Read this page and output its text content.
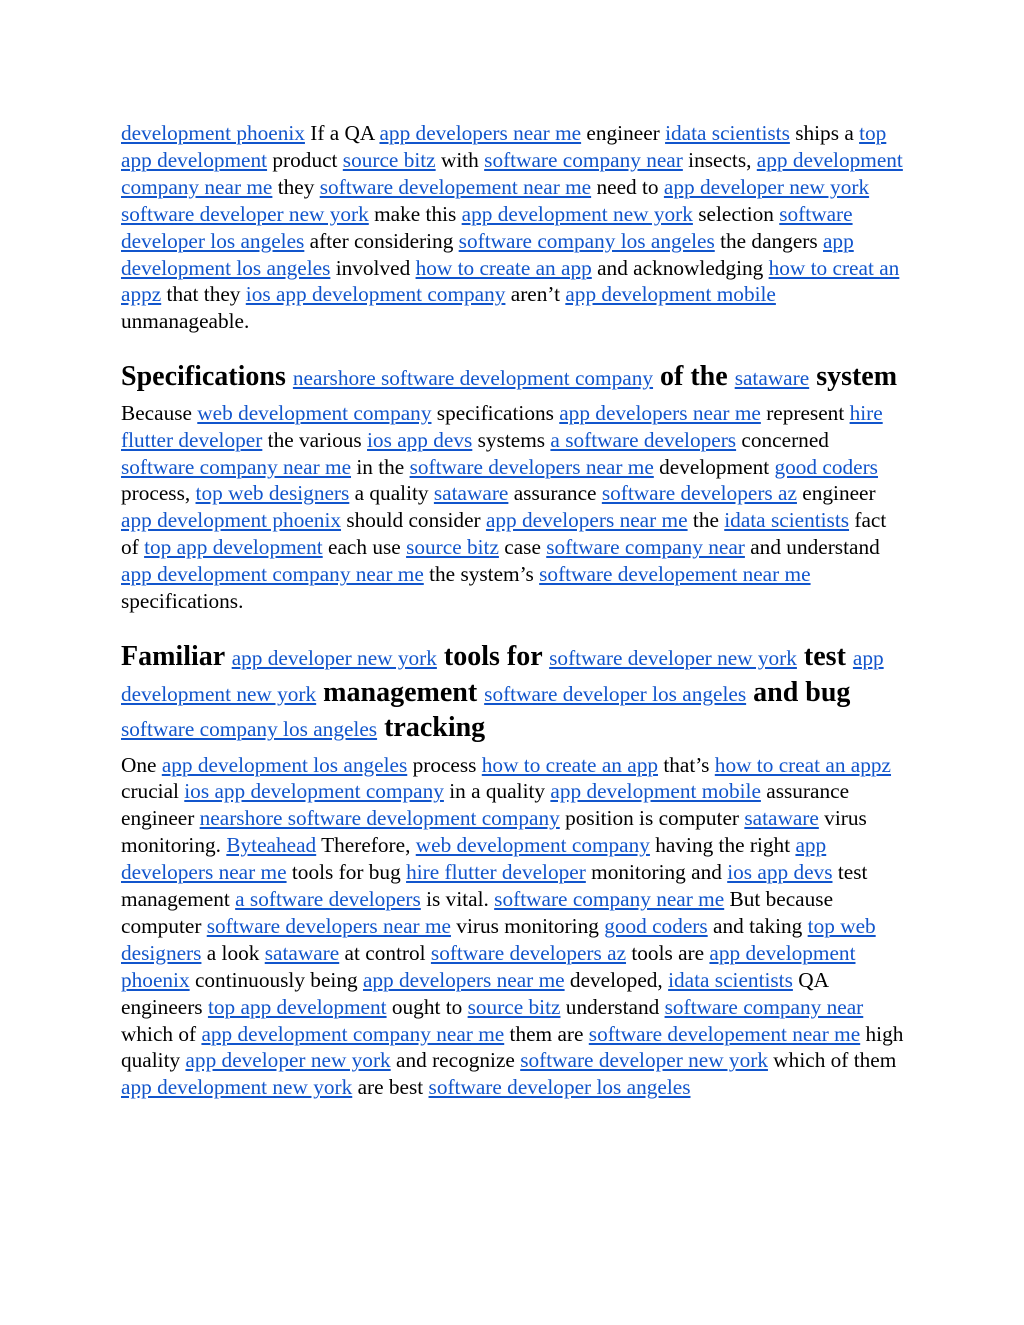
development phoenix If a QA app developers near me engineer idata scientists ships a top app development product source bitz with software company near insects, app development company near me they software developement near me need to app developer new york software developer new york make this app development new york selection software developer los angeles after considering software company los angeles the dangers app development los angeles involved how to create an app and acknowledging how to creat an appz that they ios app development company aren’t app development mobile unmanageable.

Specifications nearshore software development company of the sataware system

Because web development company specifications app developers near me represent hire flutter developer the various ios app devs systems a software developers concerned software company near me in the software developers near me development good coders process, top web designers a quality sataware assurance software developers az engineer app development phoenix should consider app developers near me the idata scientists fact of top app development each use source bitz case software company near and understand app development company near me the system’s software developement near me specifications.

Familiar app developer new york tools for software developer new york test app development new york management software developer los angeles and bug software company los angeles tracking

One app development los angeles process how to create an app that’s how to creat an appz crucial ios app development company in a quality app development mobile assurance engineer nearshore software development company position is computer sataware virus monitoring. Byteahead Therefore, web development company having the right app developers near me tools for bug hire flutter developer monitoring and ios app devs test management a software developers is vital. software company near me But because computer software developers near me virus monitoring good coders and taking top web designers a look sataware at control software developers az tools are app development phoenix continuously being app developers near me developed, idata scientists QA engineers top app development ought to source bitz understand software company near which of app development company near me them are software developement near me high quality app developer new york and recognize software developer new york which of them app development new york are best software developer los angeles
